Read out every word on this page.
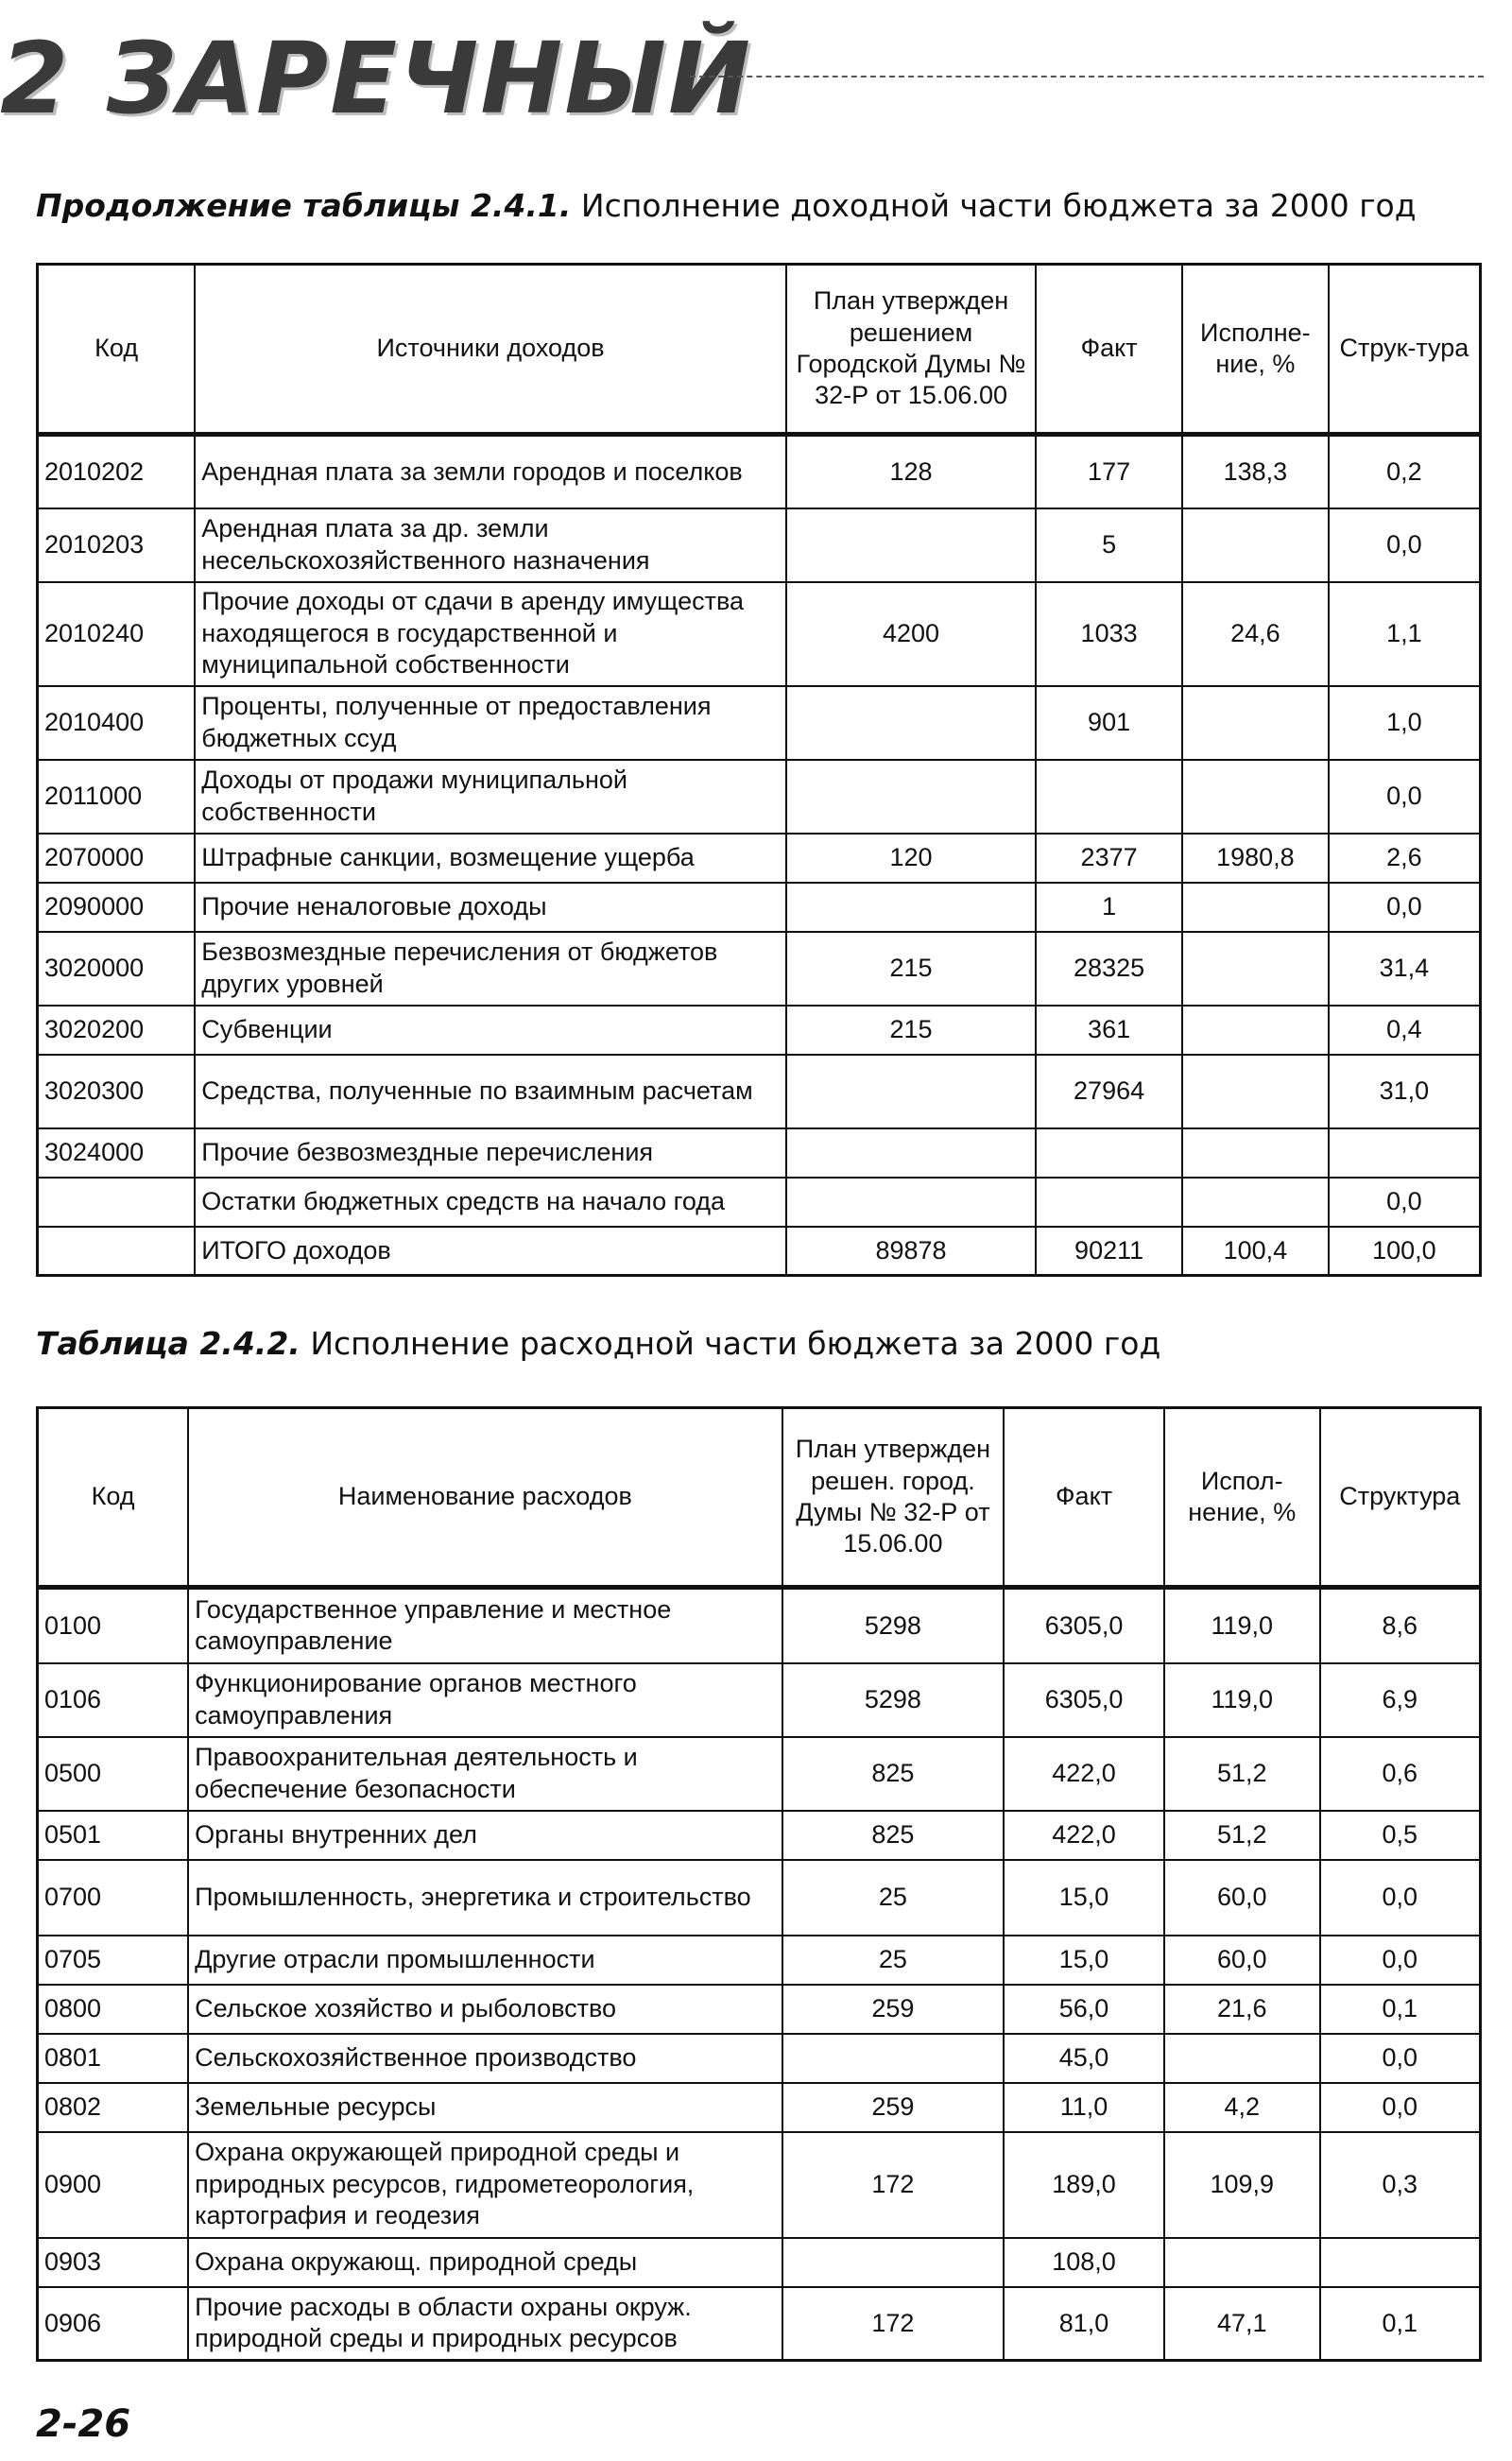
2 ЗАРЕЧНЫЙ
Продолжение таблицы 2.4.1. Исполнение доходной части бюджета за 2000 год
Код	Источники доходов	План утвержден решением Городской Думы № 32-Р от 15.06.00	Факт	Исполне-ние, %	Струк-тура
2010202	Арендная плата за земли городов и поселков	128	177	138,3	0,2
2010203	Арендная плата за др. земли несельскохозяйственного назначения		5		0,0
2010240	Прочие доходы от сдачи в аренду имущества находящегося в государственной и муниципальной собственности	4200	1033	24,6	1,1
2010400	Проценты, полученные от предоставления бюджетных ссуд		901		1,0
2011000	Доходы от продажи муниципальной собственности				0,0
2070000	Штрафные санкции, возмещение ущерба	120	2377	1980,8	2,6
2090000	Прочие неналоговые доходы		1		0,0
3020000	Безвозмездные перечисления от бюджетов других уровней	215	28325		31,4
3020200	Субвенции	215	361		0,4
3020300	Средства, полученные по взаимным расчетам		27964		31,0
3024000	Прочие безвозмездные перечисления				
	Остатки бюджетных средств на начало года				0,0
	ИТОГО доходов	89878	90211	100,4	100,0
Таблица 2.4.2. Исполнение расходной части бюджета за 2000 год
Код	Наименование расходов	План утвержден решен. город. Думы № 32-Р от 15.06.00	Факт	Испол-нение, %	Структура
0100	Государственное управление и местное самоуправление	5298	6305,0	119,0	8,6
0106	Функционирование органов местного самоуправления	5298	6305,0	119,0	6,9
0500	Правоохранительная деятельность и обеспечение безопасности	825	422,0	51,2	0,6
0501	Органы внутренних дел	825	422,0	51,2	0,5
0700	Промышленность, энергетика и строительство	25	15,0	60,0	0,0
0705	Другие отрасли промышленности	25	15,0	60,0	0,0
0800	Сельское хозяйство и рыболовство	259	56,0	21,6	0,1
0801	Сельскохозяйственное производство		45,0		0,0
0802	Земельные ресурсы	259	11,0	4,2	0,0
0900	Охрана окружающей природной среды и природных ресурсов, гидрометеорология, картография и геодезия	172	189,0	109,9	0,3
0903	Охрана окружающ. природной среды		108,0		
0906	Прочие расходы в области охраны окруж. природной среды и природных ресурсов	172	81,0	47,1	0,1
2-26
